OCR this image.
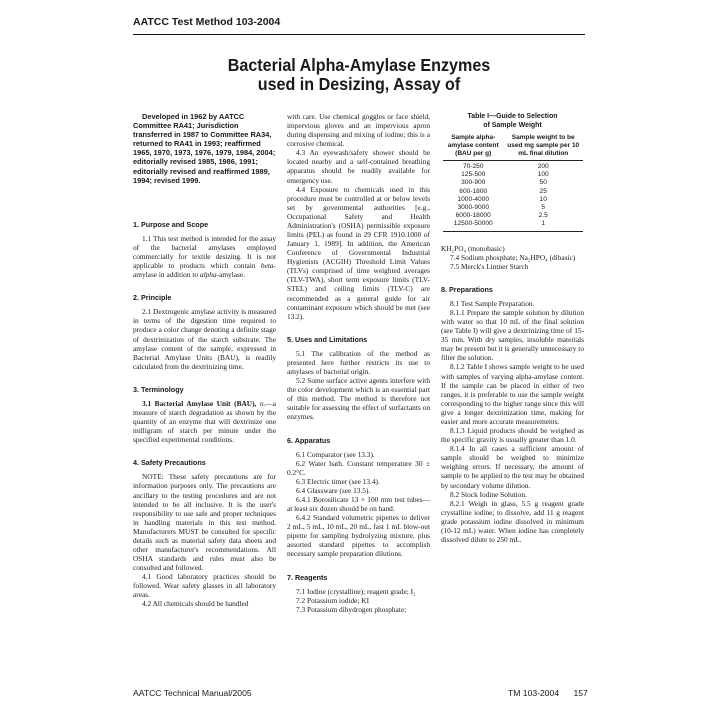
AATCC Test Method 103-2004
Bacterial Alpha-Amylase Enzymes
used in Desizing, Assay of

Developed in 1962 by AATCC Committee RA41; Jurisdiction transferred in 1987 to Committee RA34, returned to RA41 in 1993; reaffirmed 1965, 1970, 1973, 1976, 1979, 1984, 2004; editorially revised 1985, 1986, 1991; editorially revised and reaffirmed 1989, 1994; revised 1999.

1. Purpose and Scope

1.1 This test method is intended for the assay of the bacterial amylases employed commercially for textile desizing. It is not applicable to products which contain beta-amylase in addition to alpha-amylase.

2. Principle

2.1 Dextrogenic amylase activity is measured in terms of the digestion time required to produce a color change denoting a definite stage of dextrinization of the starch substrate. The amylase content of the sample, expressed in Bacterial Amylase Units (BAU), is readily calculated from the dextrinizing time.

3. Terminology

3.1 Bacterial Amylase Unit (BAU), n.—a measure of starch degradation as shown by the quantity of an enzyme that will dextrinize one milligram of starch per minute under the specified experimental conditions.

4. Safety Precautions

NOTE: These safety precautions are for information purposes only. The precautions are ancillary to the testing procedures and are not intended to be all inclusive. It is the user's responsibility to use safe and proper techniques in handling materials in this test method. Manufacturers MUST be consulted for specific details such as material safety data sheets and other manufacturer's recommendations. All OSHA standards and rules must also be consulted and followed.

4.1 Good laboratory practices should be followed. Wear safety glasses in all laboratory areas.

4.2 All chemicals should be handled

with care. Use chemical goggles or face shield, impervious gloves and an impervious apron during dispensing and mixing of iodine; this is a corrosive chemical.

4.3 An eyewash/safety shower should be located nearby and a self-contained breathing apparatus should be readily available for emergency use.

4.4 Exposure to chemicals used in this procedure must be controlled at or below levels set by governmental authorities [e.g., Occupational Safety and Health Administration's (OSHA) permissible exposure limits (PEL) as found in 29 CFR 1910.1000 of January 1, 1989]. In addition, the American Conference of Governmental Industrial Hygienists (ACGIH) Threshold Limit Values (TLVs) comprised of time weighted averages (TLV-TWA), short term exposure limits (TLV-STEL) and ceiling limits (TLV-C) are recommended as a general guide for air contaminant exposure which should be met (see 13.2).

5. Uses and Limitations

5.1 The calibration of the method as presented here further restricts its use to amylases of bacterial origin.

5.2 Some surface active agents interfere with the color development which is an essential part of this method. The method is therefore not suitable for assessing the effect of surfactants on enzymes.

6. Apparatus

6.1 Comparator (see 13.3).

6.2 Water bath. Constant temperature 30 ± 0.2°C.

6.3 Electric timer (see 13.4).

6.4 Glassware (see 13.5).

6.4.1 Borosilicate 13 × 100 mm test tubes—at least six dozen should be on hand.

6.4.2 Standard volumetric pipettes to deliver 2 mL, 5 mL, 10 mL, 20 mL, fast 1 mL blow-out pipette for sampling hydrolyzing mixture, plus assorted standard pipettes to accomplish necessary sample preparation dilutions.

7. Reagents

7.1 Iodine (crystalline); reagent grade; I₂

7.2 Potassium iodide; KI

7.3 Potassium dihydrogen phosphate;

Table I—Guide to Selection
of Sample Weight
Sample alpha-amylase content (BAU per g)	Sample weight to be used mg sample per 10 mL final dilution
70-250	200
125-500	100
300-900	50
600-1800	25
1000-4000	10
3000-9000	5
6000-18000	2.5
12500-50000	1

KH₂PO₄ (monobasic)

7.4 Sodium phosphate; Na₂HPO₄ (dibasic)

7.5 Merck's Lintner Starch

8. Preparations

8.1 Test Sample Preparation.

8.1.1 Prepare the sample solution by dilution with water so that 10 mL of the final solution (see Table I) will give a dextrinizing time of 15-35 min. With dry samples, insoluble materials may be present but it is generally unnecessary to filter the solution.

8.1.2 Table I shows sample weight to be used with samples of varying alpha-amylase content. If the sample can be placed in either of two ranges, it is preferable to use the sample weight corresponding to the higher range since this will give a longer dextrinization time, making for easier and more accurate measurements.

8.1.3 Liquid products should be weighed as the specific gravity is usually greater than 1.0.

8.1.4 In all cases a sufficient amount of sample should be weighed to minimize weighing errors. If necessary, the amount of sample to be applied to the test may be obtained by secondary volume dilution.

8.2 Stock Iodine Solution.

8.2.1 Weigh in glass, 5.5 g reagent grade crystalline iodine; to dissolve, add 11 g reagent grade potassium iodine dissolved in minimum (10-12 mL) water. When iodine has completely dissolved dilute to 250 mL.

AATCC Technical Manual/2005	TM 103-2004      157
